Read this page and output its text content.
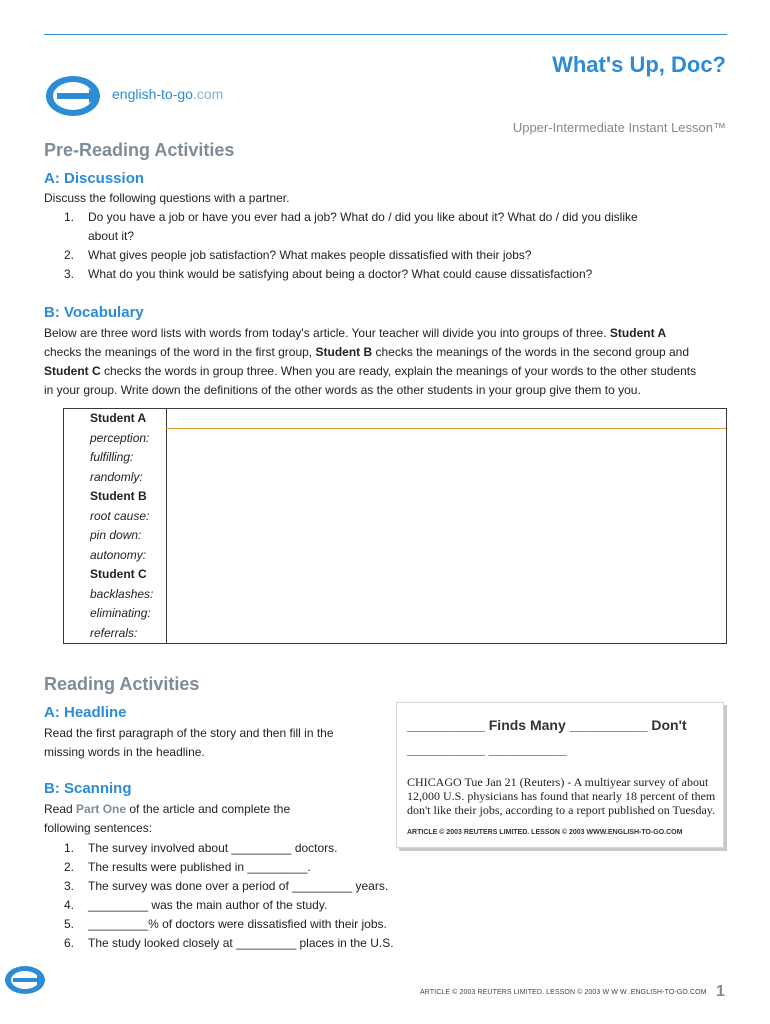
What's Up, Doc?
english-to-go.com
Upper-Intermediate Instant Lesson™
Pre-Reading Activities
A: Discussion
Discuss the following questions with a partner.
1. Do you have a job or have you ever had a job? What do / did you like about it? What do / did you dislike
about it?
2. What gives people job satisfaction? What makes people dissatisfied with their jobs?
3. What do you think would be satisfying about being a doctor? What could cause dissatisfaction?
B: Vocabulary
Below are three word lists with words from today's article. Your teacher will divide you into groups of three. Student A
checks the meanings of the word in the first group, Student B checks the meanings of the words in the second group and
Student C checks the words in group three. When you are ready, explain the meanings of your words to the other students
in your group. Write down the definitions of the other words as the other students in your group give them to you.
Student A
perception:
fulfilling:
randomly:
Student B
root cause:
pin down:
autonomy:
Student C
backlashes:
eliminating:
referrals:
Reading Activities
A: Headline
Read the first paragraph of the story and then fill in the
missing words in the headline.
B: Scanning
Read Part One of the article and complete the
following sentences:
1. The survey involved about _________ doctors.
2. The results were published in _________.
3. The survey was done over a period of _________ years.
4. _________ was the main author of the study.
5. _________% of doctors were dissatisfied with their jobs.
6. The study looked closely at _________ places in the U.S.
__________ Finds Many __________ Don't
__________ __________
CHICAGO Tue Jan 21 (Reuters) - A multiyear survey of about 12,000 U.S. physicians has found that nearly 18 percent of them don't like their jobs, according to a report published on Tuesday.
ARTICLE © 2003 REUTERS LIMITED. LESSON © 2003 WWW.ENGLISH-TO-GO.COM
ARTICLE © 2003 REUTERS LIMITED. LESSON © 2003 W W W .ENGLISH-TO-GO.COM 1
